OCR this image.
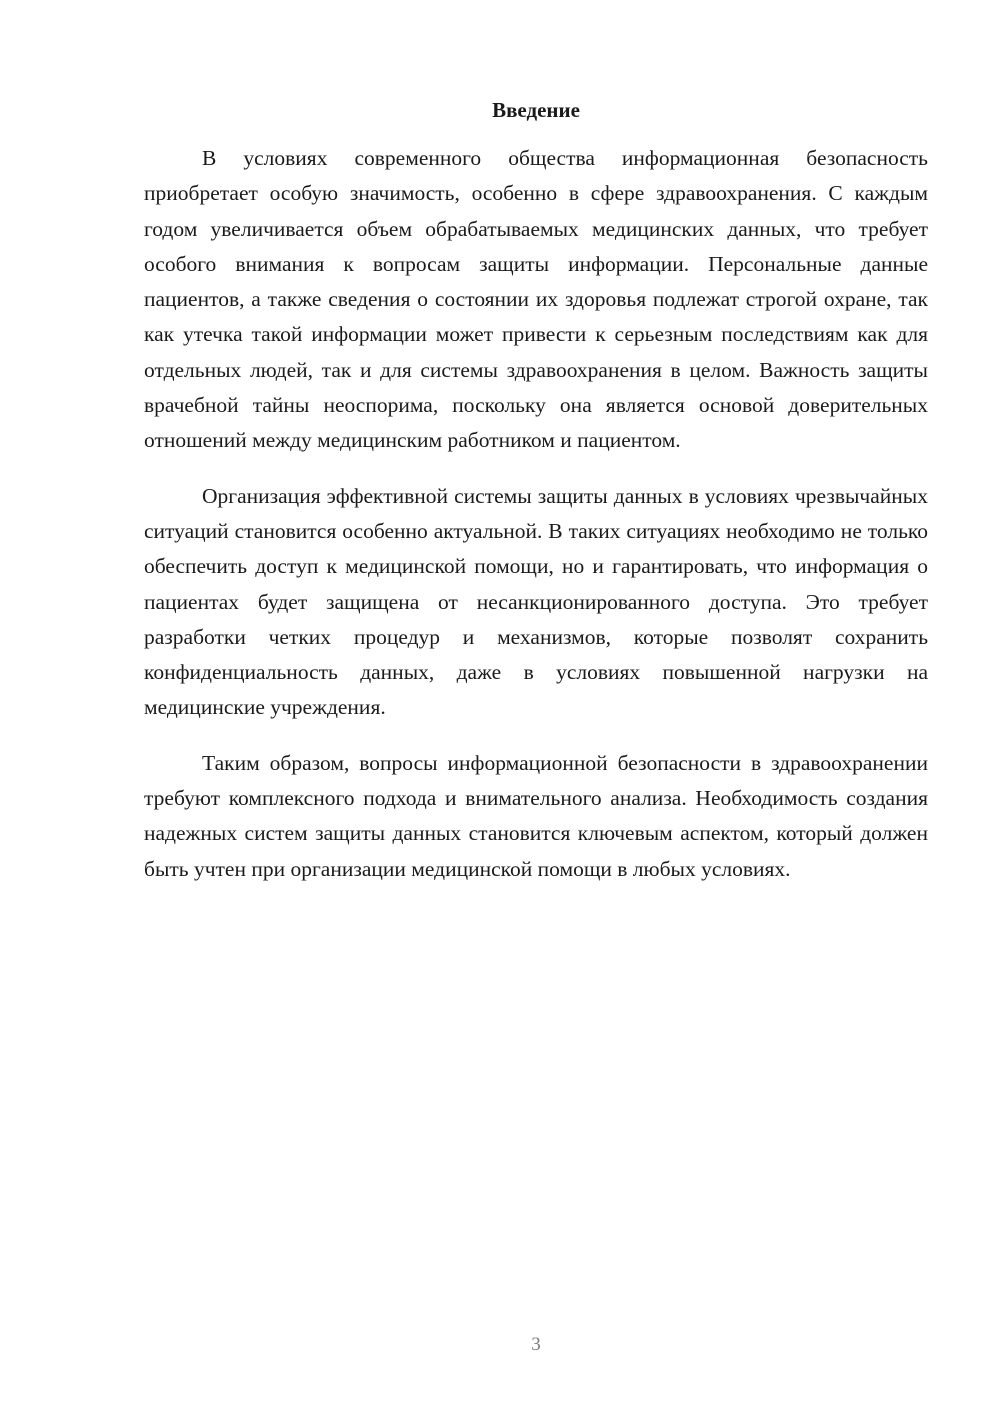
Введение

В условиях современного общества информационная безопасность приобретает особую значимость, особенно в сфере здравоохранения. С каждым годом увеличивается объем обрабатываемых медицинских данных, что требует особого внимания к вопросам защиты информации. Персональные данные пациентов, а также сведения о состоянии их здоровья подлежат строгой охране, так как утечка такой информации может привести к серьезным последствиям как для отдельных людей, так и для системы здравоохранения в целом. Важность защиты врачебной тайны неоспорима, поскольку она является основой доверительных отношений между медицинским работником и пациентом.

Организация эффективной системы защиты данных в условиях чрезвычайных ситуаций становится особенно актуальной. В таких ситуациях необходимо не только обеспечить доступ к медицинской помощи, но и гарантировать, что информация о пациентах будет защищена от несанкционированного доступа. Это требует разработки четких процедур и механизмов, которые позволят сохранить конфиденциальность данных, даже в условиях повышенной нагрузки на медицинские учреждения.

Таким образом, вопросы информационной безопасности в здравоохранении требуют комплексного подхода и внимательного анализа. Необходимость создания надежных систем защиты данных становится ключевым аспектом, который должен быть учтен при организации медицинской помощи в любых условиях.

3
